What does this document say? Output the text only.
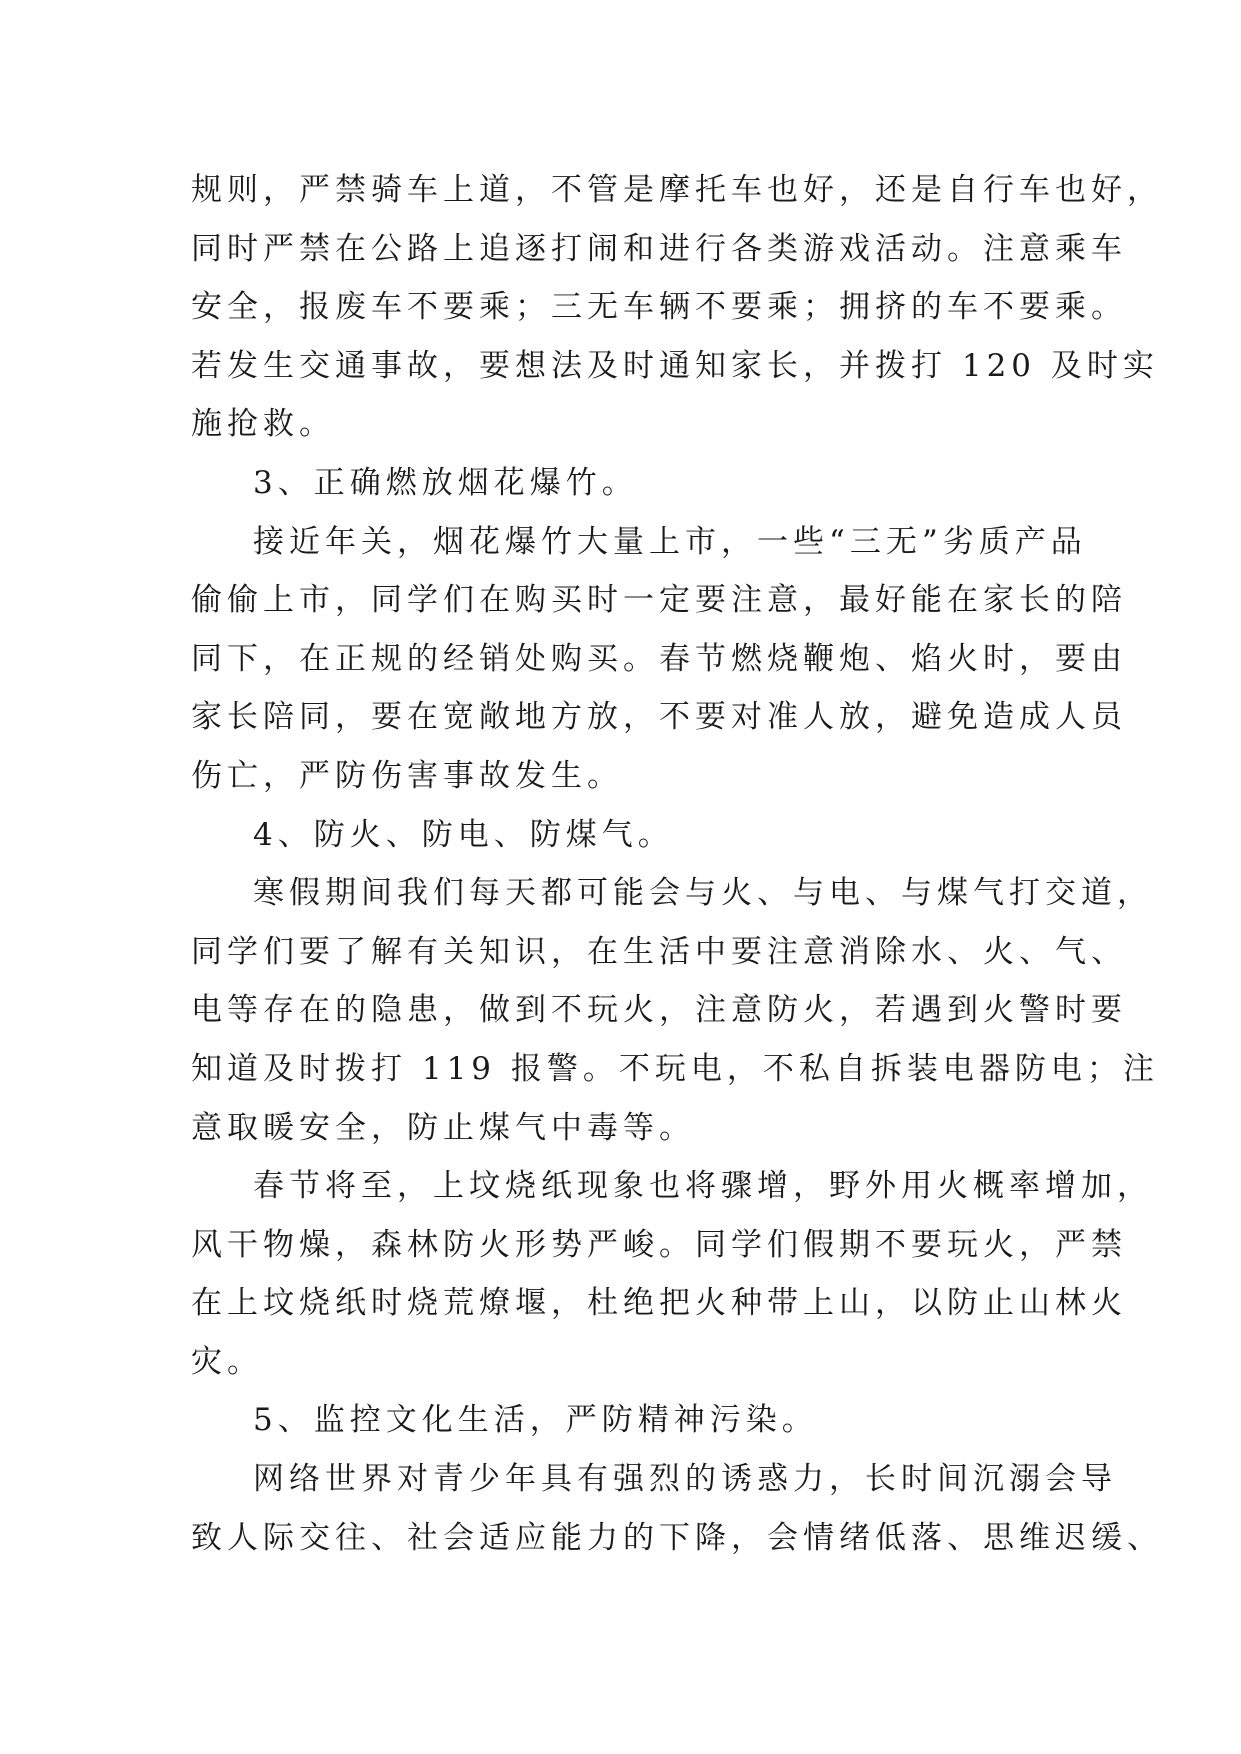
规则，严禁骑车上道，不管是摩托车也好，还是自行车也好，
同时严禁在公路上追逐打闹和进行各类游戏活动。注意乘车
安全，报废车不要乘；三无车辆不要乘；拥挤的车不要乘。
若发生交通事故，要想法及时通知家长，并拨打 120 及时实
施抢救。
3、正确燃放烟花爆竹。
接近年关，烟花爆竹大量上市，一些“三无”劣质产品
偷偷上市，同学们在购买时一定要注意，最好能在家长的陪
同下，在正规的经销处购买。春节燃烧鞭炮、焰火时，要由
家长陪同，要在宽敞地方放，不要对准人放，避免造成人员
伤亡，严防伤害事故发生。
4、防火、防电、防煤气。
寒假期间我们每天都可能会与火、与电、与煤气打交道，
同学们要了解有关知识，在生活中要注意消除水、火、气、
电等存在的隐患，做到不玩火，注意防火，若遇到火警时要
知道及时拨打 119 报警。不玩电，不私自拆装电器防电；注
意取暖安全，防止煤气中毒等。
春节将至，上坟烧纸现象也将骤增，野外用火概率增加，
风干物燥，森林防火形势严峻。同学们假期不要玩火，严禁
在上坟烧纸时烧荒燎堰，杜绝把火种带上山，以防止山林火
灾。
5、监控文化生活，严防精神污染。
网络世界对青少年具有强烈的诱惑力，长时间沉溺会导
致人际交往、社会适应能力的下降，会情绪低落、思维迟缓、
